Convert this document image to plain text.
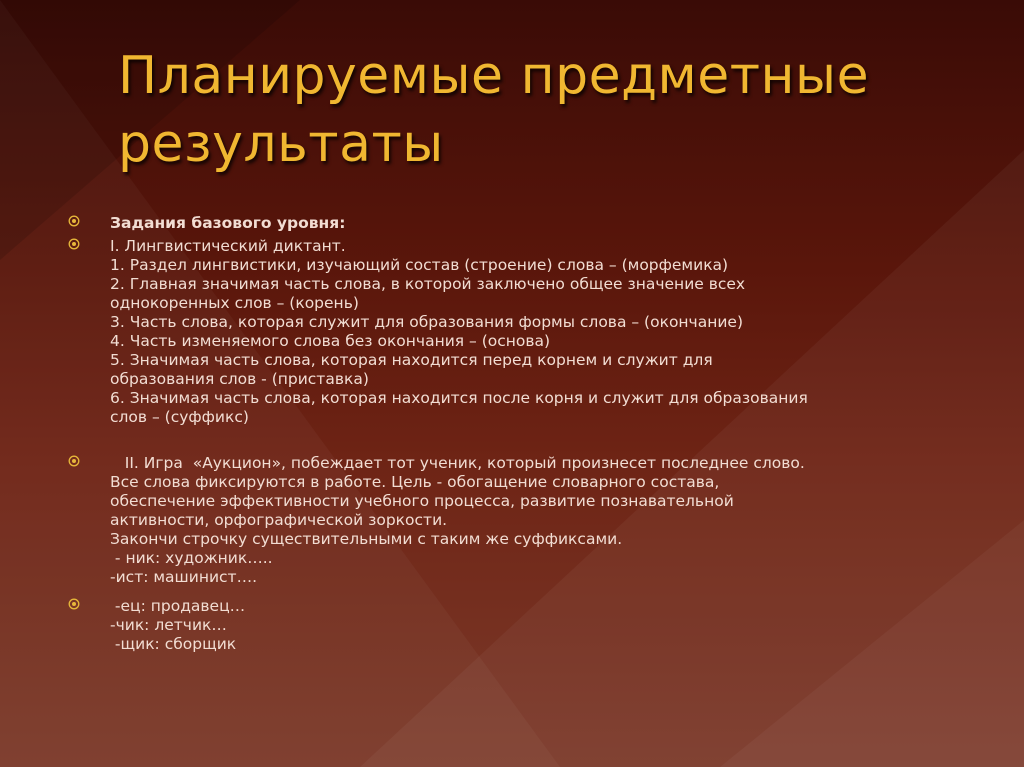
Планируемые предметные
результаты
Задания базового уровня:
I. Лингвистический диктант.
1. Раздел лингвистики, изучающий состав (строение) слова – (морфемика)
2. Главная значимая часть слова, в которой заключено общее значение всех
однокоренных слов – (корень)
3. Часть слова, которая служит для образования формы слова – (окончание)
4. Часть изменяемого слова без окончания – (основа)
5. Значимая часть слова, которая находится перед корнем и служит для
образования слов - (приставка)
6. Значимая часть слова, которая находится после корня и служит для образования
слов – (суффикс)
II. Игра  «Аукцион», побеждает тот ученик, который произнесет последнее слово.
Все слова фиксируются в работе. Цель - обогащение словарного состава,
обеспечение эффективности учебного процесса, развитие познавательной
активности, орфографической зоркости.
Закончи строчку существительными с таким же суффиксами.
- ник: художник…..
-ист: машинист….
-ец: продавец…
-чик: летчик…
-щик: сборщик
